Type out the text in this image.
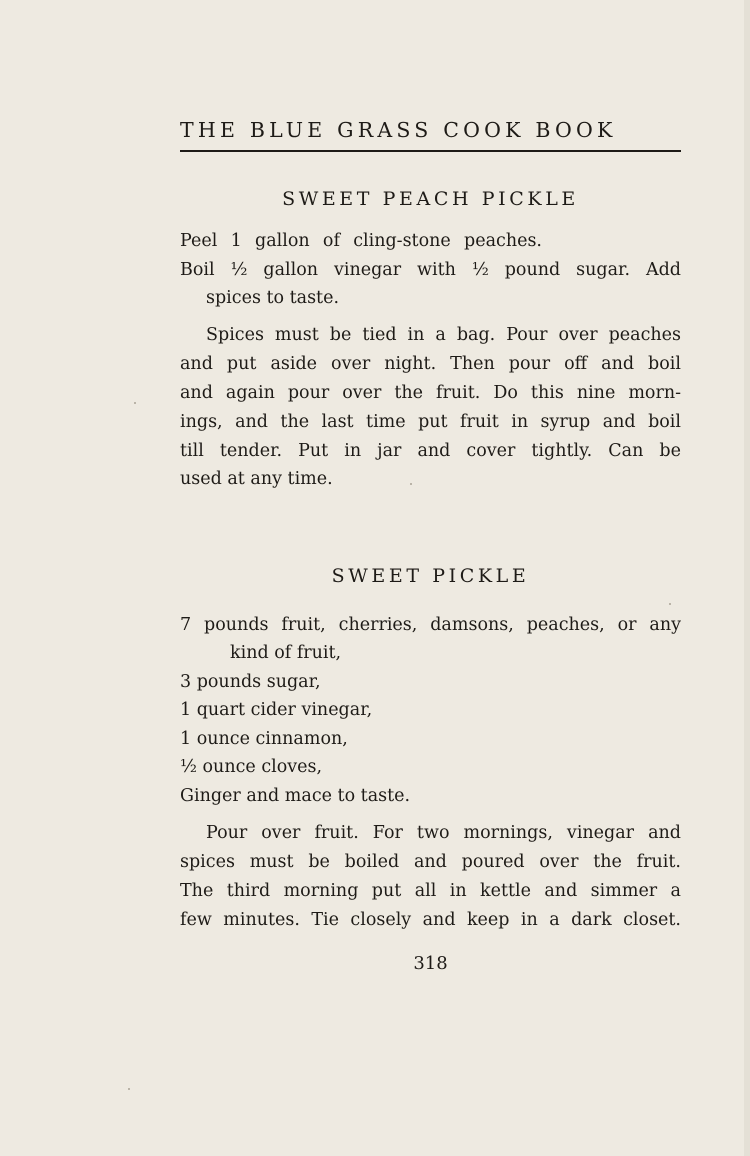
THE BLUE GRASS COOK BOOK
SWEET PEACH PICKLE
Peel 1 gallon of cling-stone peaches.
Boil ½ gallon vinegar with ½ pound sugar. Add
spices to taste.
Spices must be tied in a bag. Pour over peaches
and put aside over night. Then pour off and boil
and again pour over the fruit. Do this nine morn-
ings, and the last time put fruit in syrup and boil
till tender. Put in jar and cover tightly. Can be
used at any time.
SWEET PICKLE
7 pounds fruit, cherries, damsons, peaches, or any
kind of fruit,
3 pounds sugar,
1 quart cider vinegar,
1 ounce cinnamon,
½ ounce cloves,
Ginger and mace to taste.
Pour over fruit. For two mornings, vinegar and
spices must be boiled and poured over the fruit.
The third morning put all in kettle and simmer a
few minutes. Tie closely and keep in a dark closet.
318
